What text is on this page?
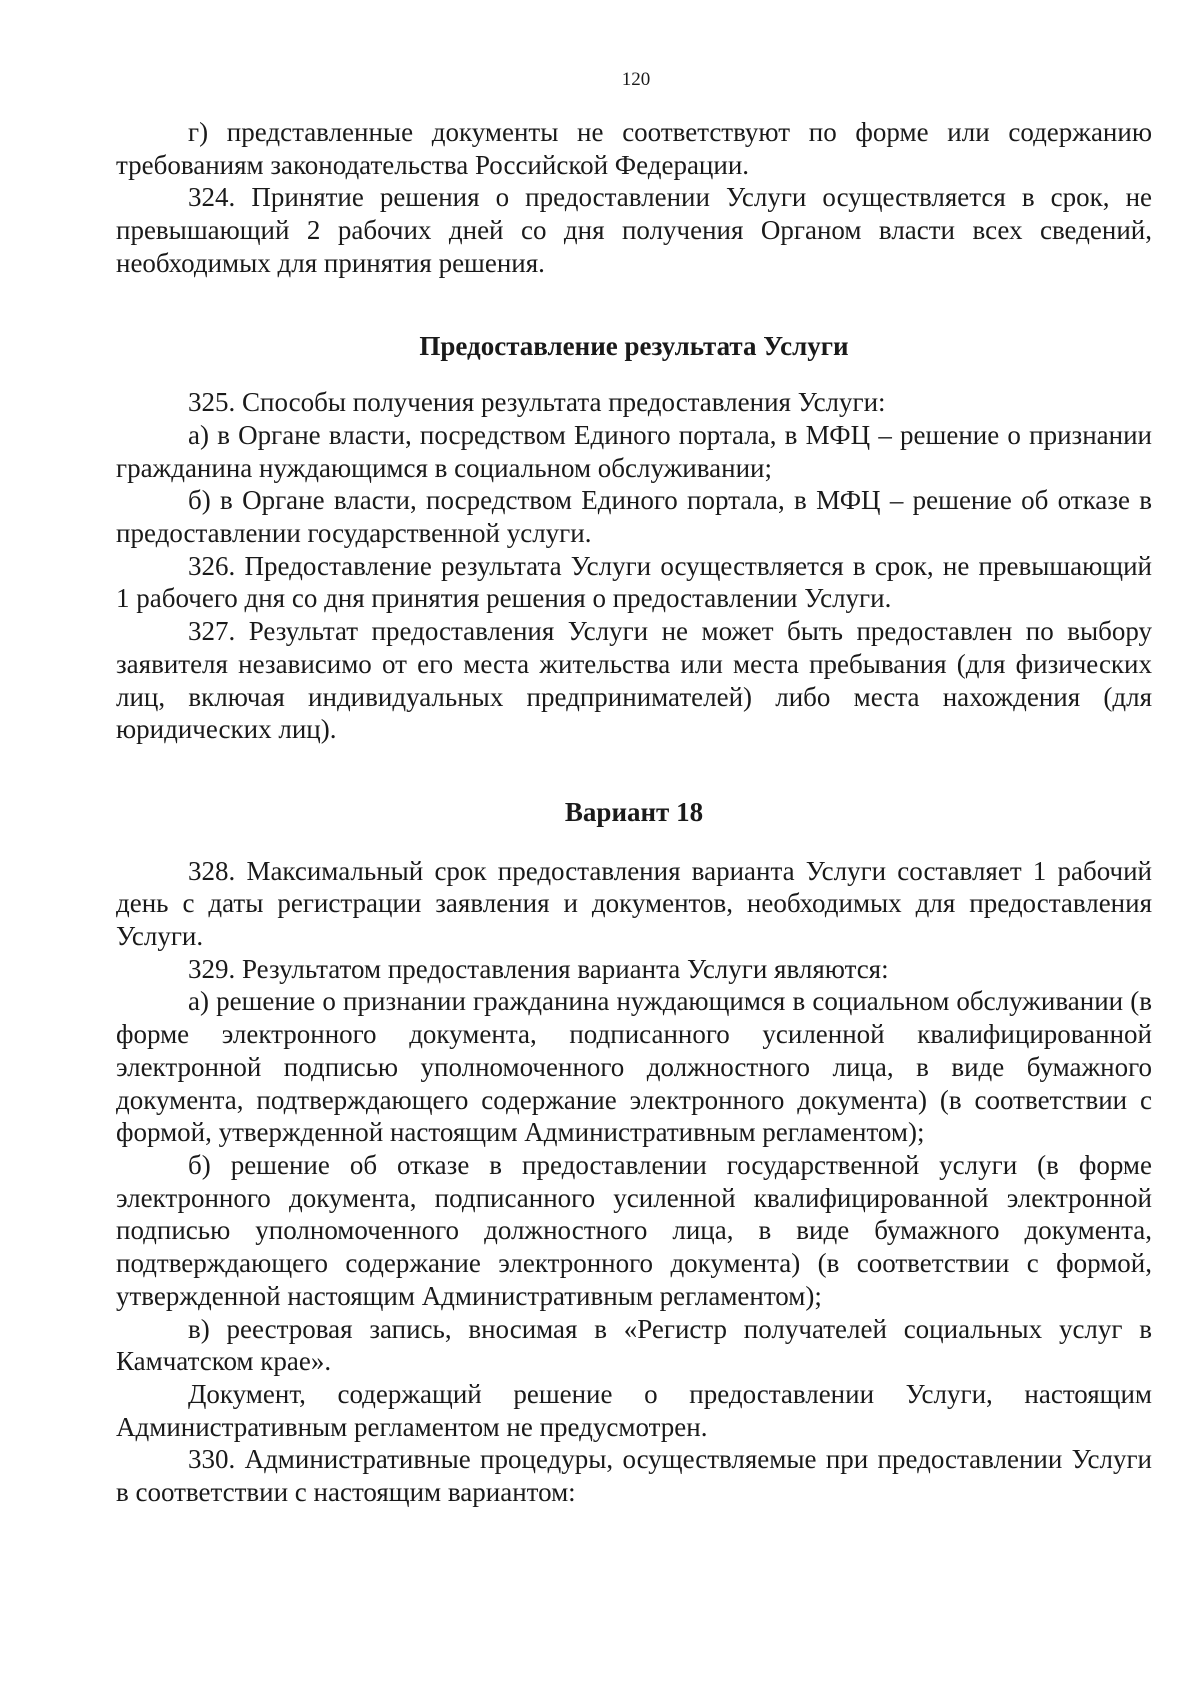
120

г) представленные документы не соответствуют по форме или содержанию требованиям законодательства Российской Федерации.

324. Принятие решения о предоставлении Услуги осуществляется в срок, не превышающий 2 рабочих дней со дня получения Органом власти всех сведений, необходимых для принятия решения.

Предоставление результата Услуги

325. Способы получения результата предоставления Услуги:

а) в Органе власти, посредством Единого портала, в МФЦ – решение о признании гражданина нуждающимся в социальном обслуживании;

б) в Органе власти, посредством Единого портала, в МФЦ – решение об отказе в предоставлении государственной услуги.

326. Предоставление результата Услуги осуществляется в срок, не превышающий 1 рабочего дня со дня принятия решения о предоставлении Услуги.

327. Результат предоставления Услуги не может быть предоставлен по выбору заявителя независимо от его места жительства или места пребывания (для физических лиц, включая индивидуальных предпринимателей) либо места нахождения (для юридических лиц).

Вариант 18

328. Максимальный срок предоставления варианта Услуги составляет 1 рабочий день с даты регистрации заявления и документов, необходимых для предоставления Услуги.

329. Результатом предоставления варианта Услуги являются:

а) решение о признании гражданина нуждающимся в социальном обслуживании (в форме электронного документа, подписанного усиленной квалифицированной электронной подписью уполномоченного должностного лица, в виде бумажного документа, подтверждающего содержание электронного документа) (в соответствии с формой, утвержденной настоящим Административным регламентом);

б) решение об отказе в предоставлении государственной услуги (в форме электронного документа, подписанного усиленной квалифицированной электронной подписью уполномоченного должностного лица, в виде бумажного документа, подтверждающего содержание электронного документа) (в соответствии с формой, утвержденной настоящим Административным регламентом);

в) реестровая запись, вносимая в «Регистр получателей социальных услуг в Камчатском крае».

Документ, содержащий решение о предоставлении Услуги, настоящим Административным регламентом не предусмотрен.

330. Административные процедуры, осуществляемые при предоставлении Услуги в соответствии с настоящим вариантом:
